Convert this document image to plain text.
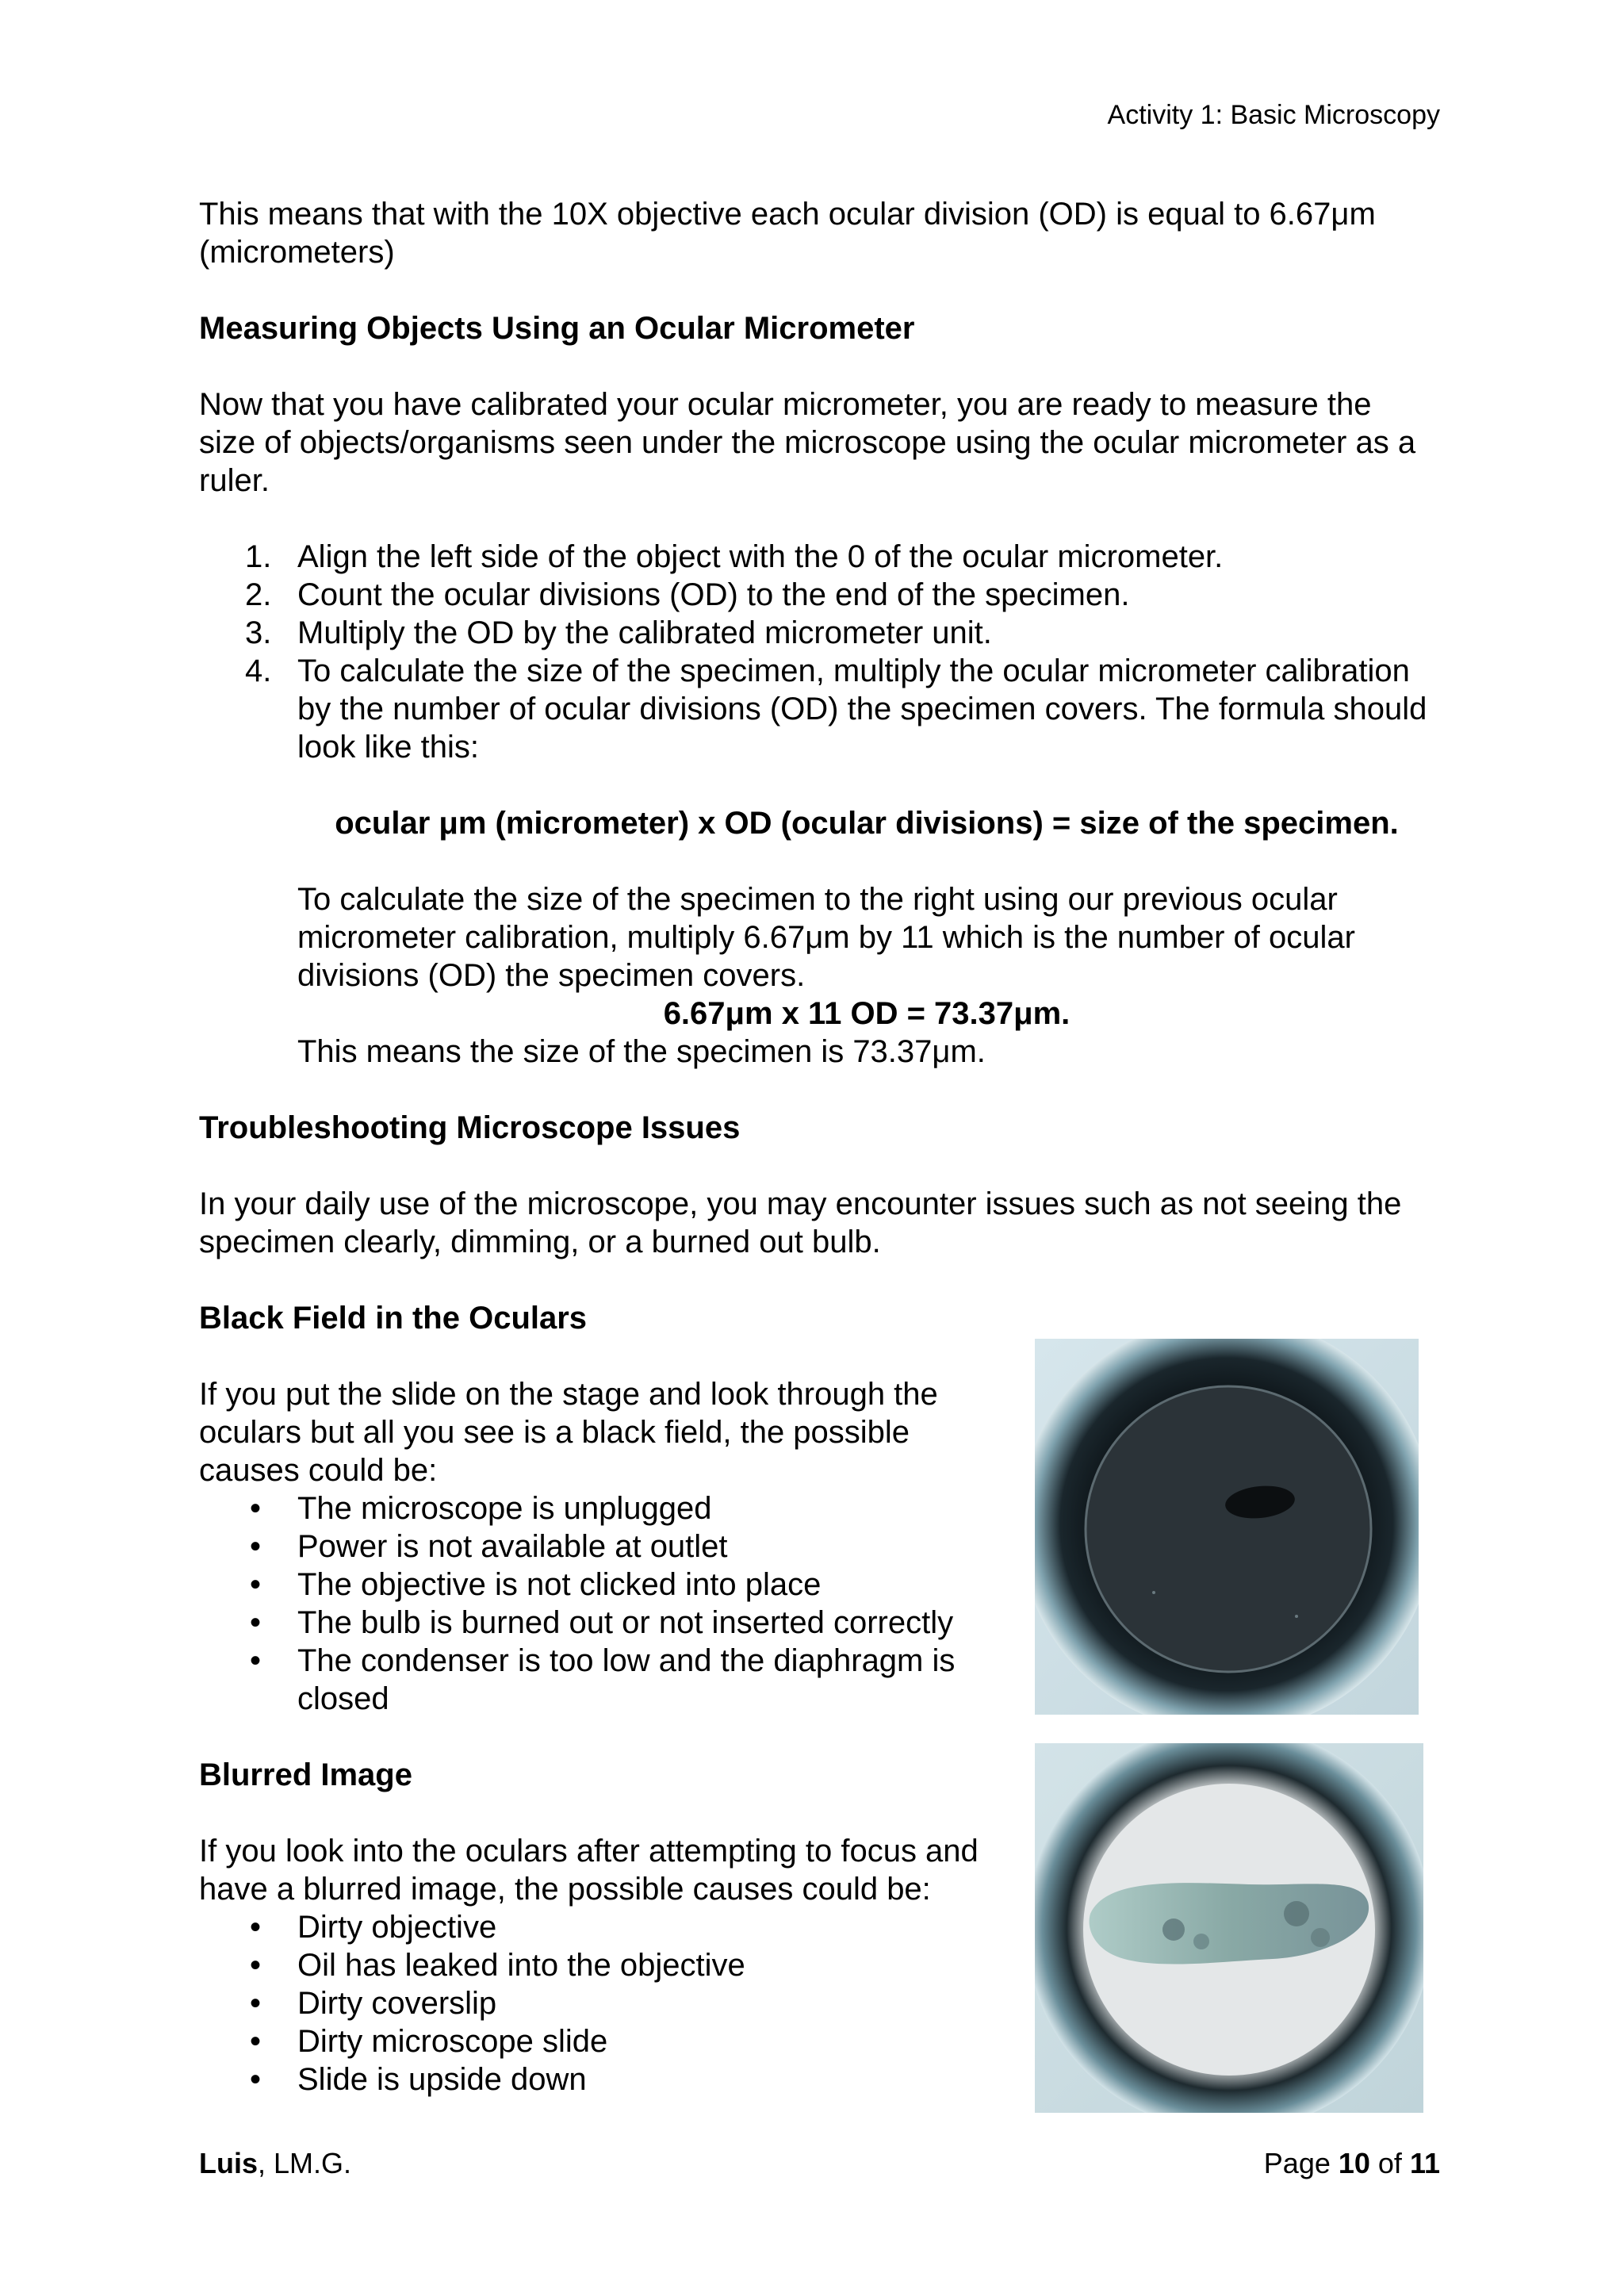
Activity 1: Basic Microscopy

This means that with the 10X objective each ocular division (OD) is equal to 6.67μm (micrometers)

Measuring Objects Using an Ocular Micrometer

Now that you have calibrated your ocular micrometer, you are ready to measure the size of objects/organisms seen under the microscope using the ocular micrometer as a ruler.

1. Align the left side of the object with the 0 of the ocular micrometer.
2. Count the ocular divisions (OD) to the end of the specimen.
3. Multiply the OD by the calibrated micrometer unit.
4. To calculate the size of the specimen, multiply the ocular micrometer calibration by the number of ocular divisions (OD) the specimen covers. The formula should look like this:

ocular μm (micrometer) x OD (ocular divisions) = size of the specimen.

To calculate the size of the specimen to the right using our previous ocular micrometer calibration, multiply 6.67μm by 11 which is the number of ocular divisions (OD) the specimen covers.

6.67μm x 11 OD = 73.37μm.

This means the size of the specimen is 73.37μm.

Troubleshooting Microscope Issues

In your daily use of the microscope, you may encounter issues such as not seeing the specimen clearly, dimming, or a burned out bulb.

Black Field in the Oculars

If you put the slide on the stage and look through the oculars but all you see is a black field, the possible causes could be:

• The microscope is unplugged
• Power is not available at outlet
• The objective is not clicked into place
• The bulb is burned out or not inserted correctly
• The condenser is too low and the diaphragm is closed

Blurred Image

If you look into the oculars after attempting to focus and have a blurred image, the possible causes could be:

• Dirty objective
• Oil has leaked into the objective
• Dirty coverslip
• Dirty microscope slide
• Slide is upside down
Luis, LM.G.	Page 10 of 11
